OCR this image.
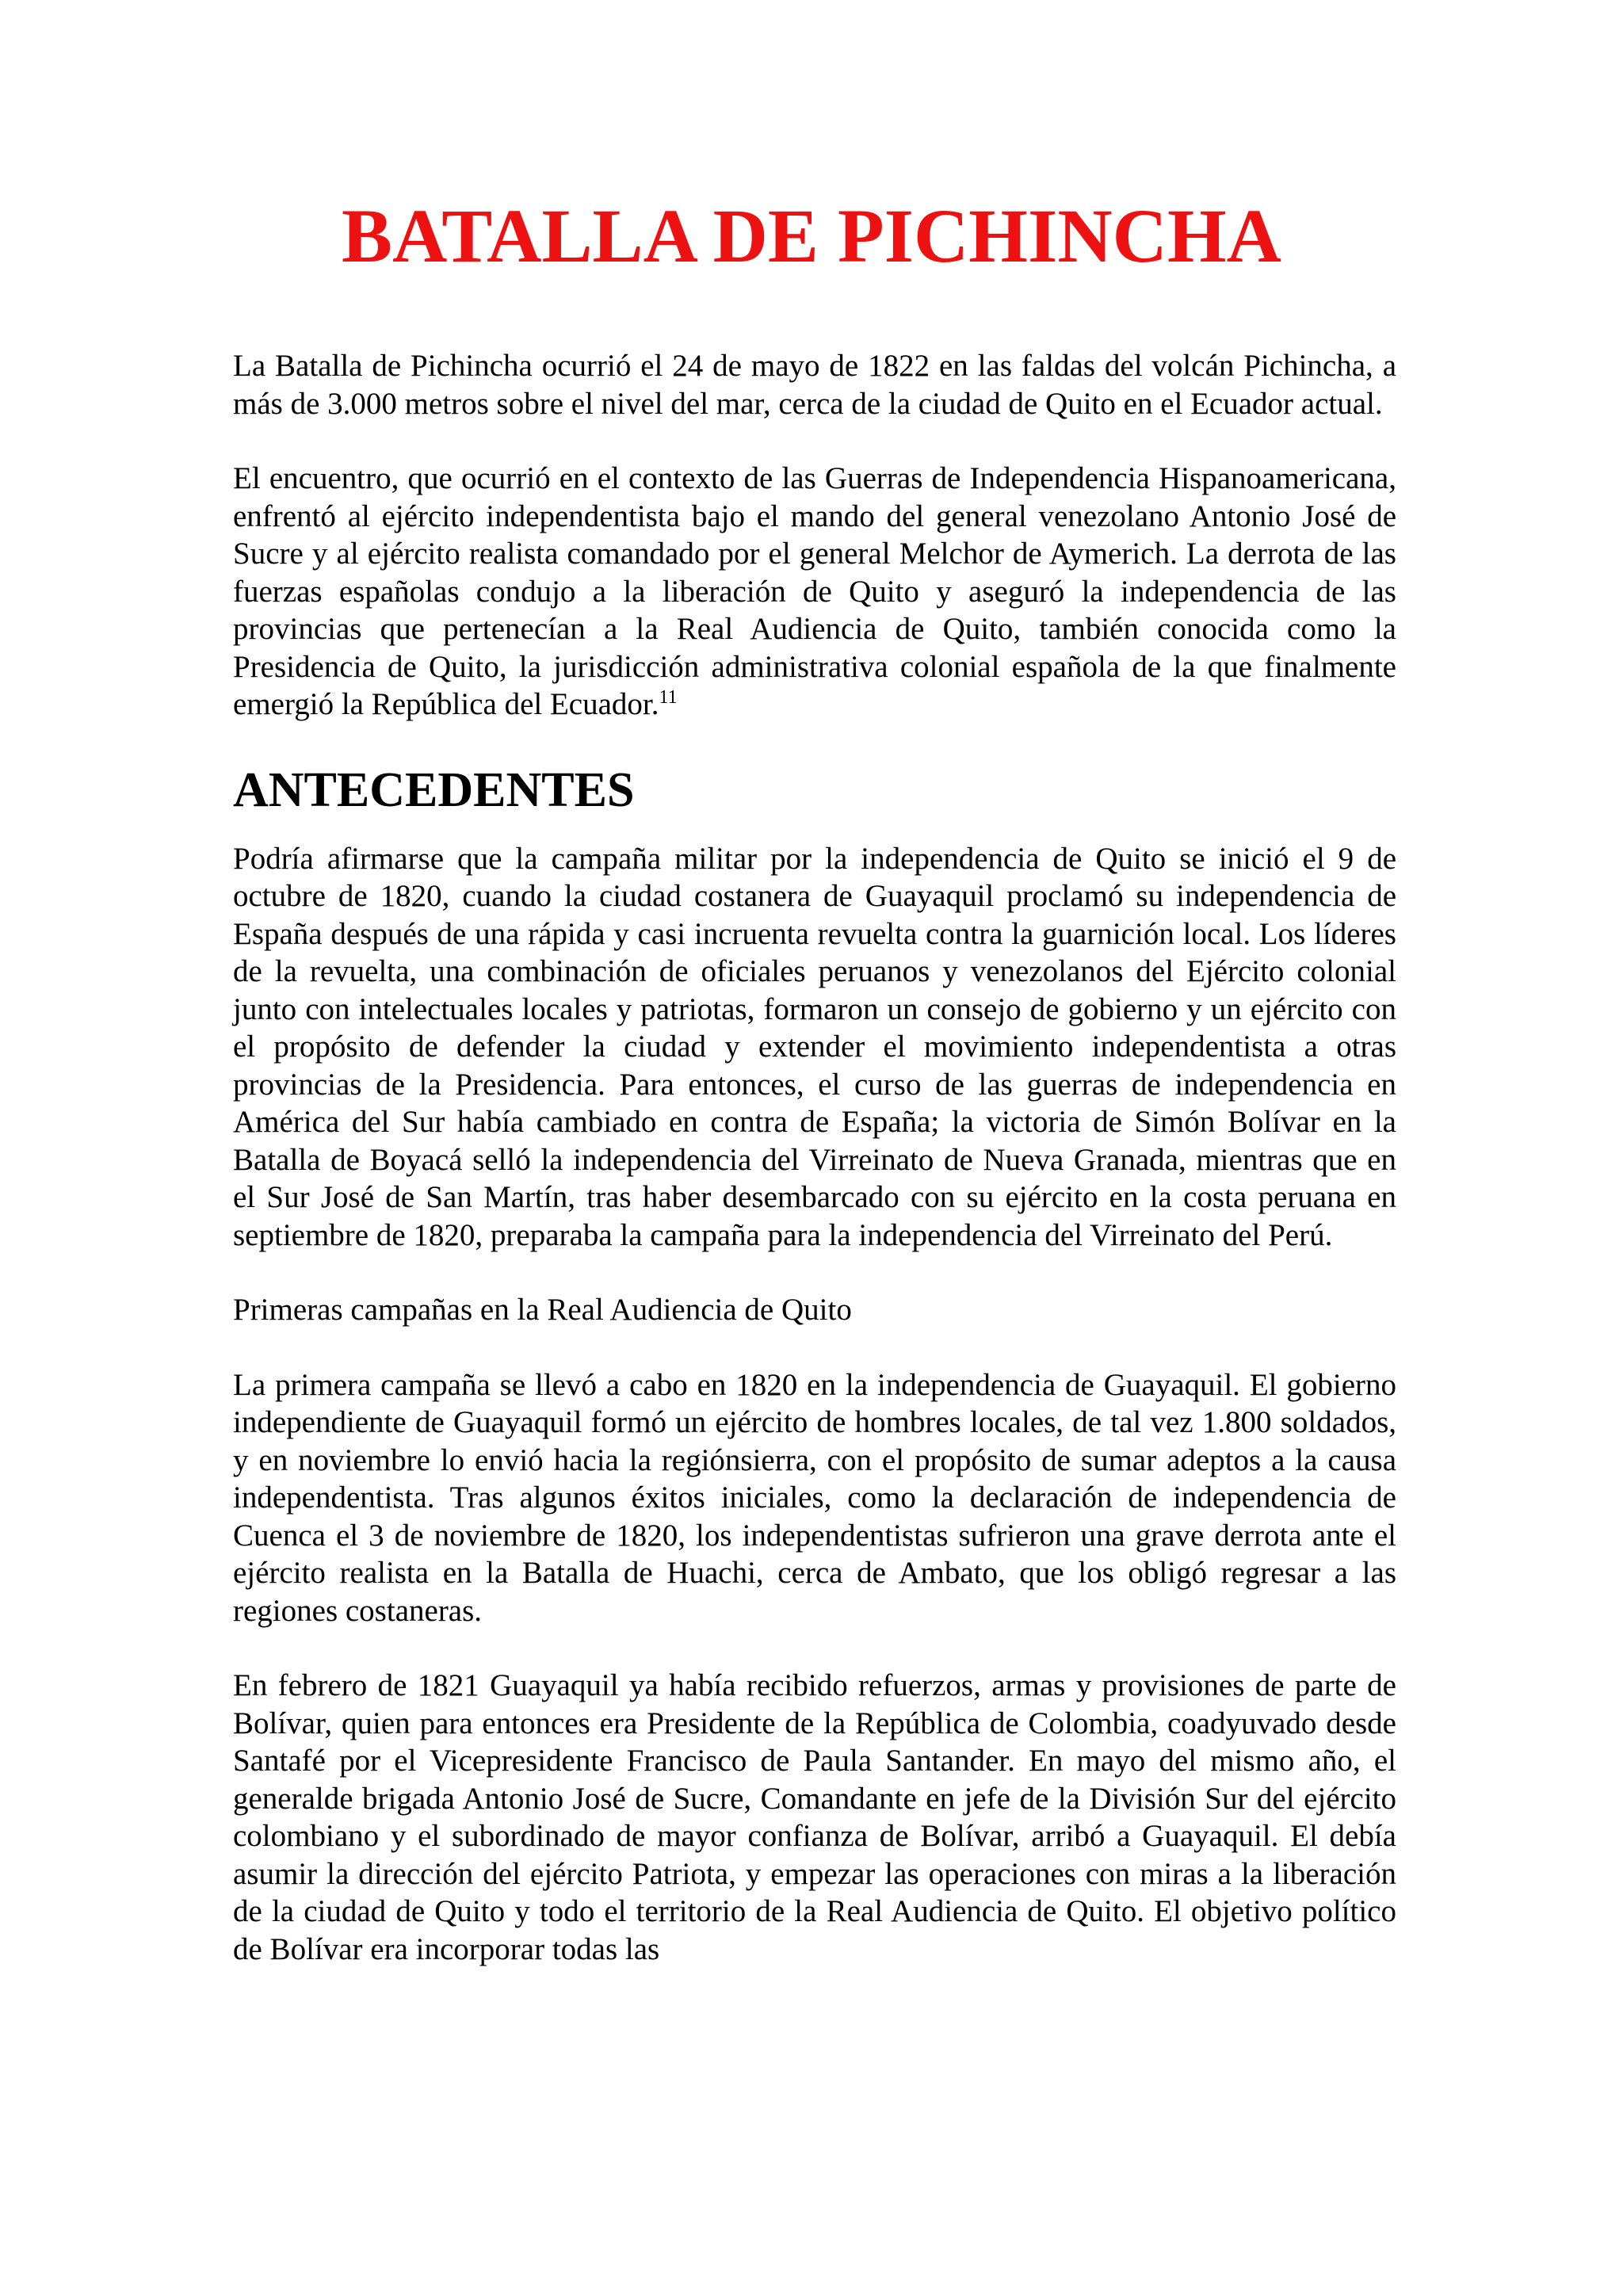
BATALLA DE PICHINCHA

La Batalla de Pichincha ocurrió el 24 de mayo de 1822 en las faldas del volcán Pichincha, a más de 3.000 metros sobre el nivel del mar, cerca de la ciudad de Quito en el Ecuador actual.

El encuentro, que ocurrió en el contexto de las Guerras de Independencia Hispanoamericana, enfrentó al ejército independentista bajo el mando del general venezolano Antonio José de Sucre y al ejército realista comandado por el general Melchor de Aymerich. La derrota de las fuerzas españolas condujo a la liberación de Quito y aseguró la independencia de las provincias que pertenecían a la Real Audiencia de Quito, también conocida como la Presidencia de Quito, la jurisdicción administrativa colonial española de la que finalmente emergió la República del Ecuador.$^{11}$

ANTECEDENTES

Podría afirmarse que la campaña militar por la independencia de Quito se inició el 9 de octubre de 1820, cuando la ciudad costanera de Guayaquil proclamó su independencia de España después de una rápida y casi incruenta revuelta contra la guarnición local. Los líderes de la revuelta, una combinación de oficiales peruanos y venezolanos del Ejército colonial junto con intelectuales locales y patriotas, formaron un consejo de gobierno y un ejército con el propósito de defender la ciudad y extender el movimiento independentista a otras provincias de la Presidencia. Para entonces, el curso de las guerras de independencia en América del Sur había cambiado en contra de España; la victoria de Simón Bolívar en la Batalla de Boyacá selló la independencia del Virreinato de Nueva Granada, mientras que en el Sur José de San Martín, tras haber desembarcado con su ejército en la costa peruana en septiembre de 1820, preparaba la campaña para la independencia del Virreinato del Perú.

Primeras campañas en la Real Audiencia de Quito

La primera campaña se llevó a cabo en 1820 en la independencia de Guayaquil. El gobierno independiente de Guayaquil formó un ejército de hombres locales, de tal vez 1.800 soldados, y en noviembre lo envió hacia la regiónsierra, con el propósito de sumar adeptos a la causa independentista. Tras algunos éxitos iniciales, como la declaración de independencia de Cuenca el 3 de noviembre de 1820, los independentistas sufrieron una grave derrota ante el ejército realista en la Batalla de Huachi, cerca de Ambato, que los obligó regresar a las regiones costaneras.

En febrero de 1821 Guayaquil ya había recibido refuerzos, armas y provisiones de parte de Bolívar, quien para entonces era Presidente de la República de Colombia, coadyuvado desde Santafé por el Vicepresidente Francisco de Paula Santander. En mayo del mismo año, el generalde brigada Antonio José de Sucre, Comandante en jefe de la División Sur del ejército colombiano y el subordinado de mayor confianza de Bolívar, arribó a Guayaquil. El debía asumir la dirección del ejército Patriota, y empezar las operaciones con miras a la liberación de la ciudad de Quito y todo el territorio de la Real Audiencia de Quito. El objetivo político de Bolívar era incorporar todas las
